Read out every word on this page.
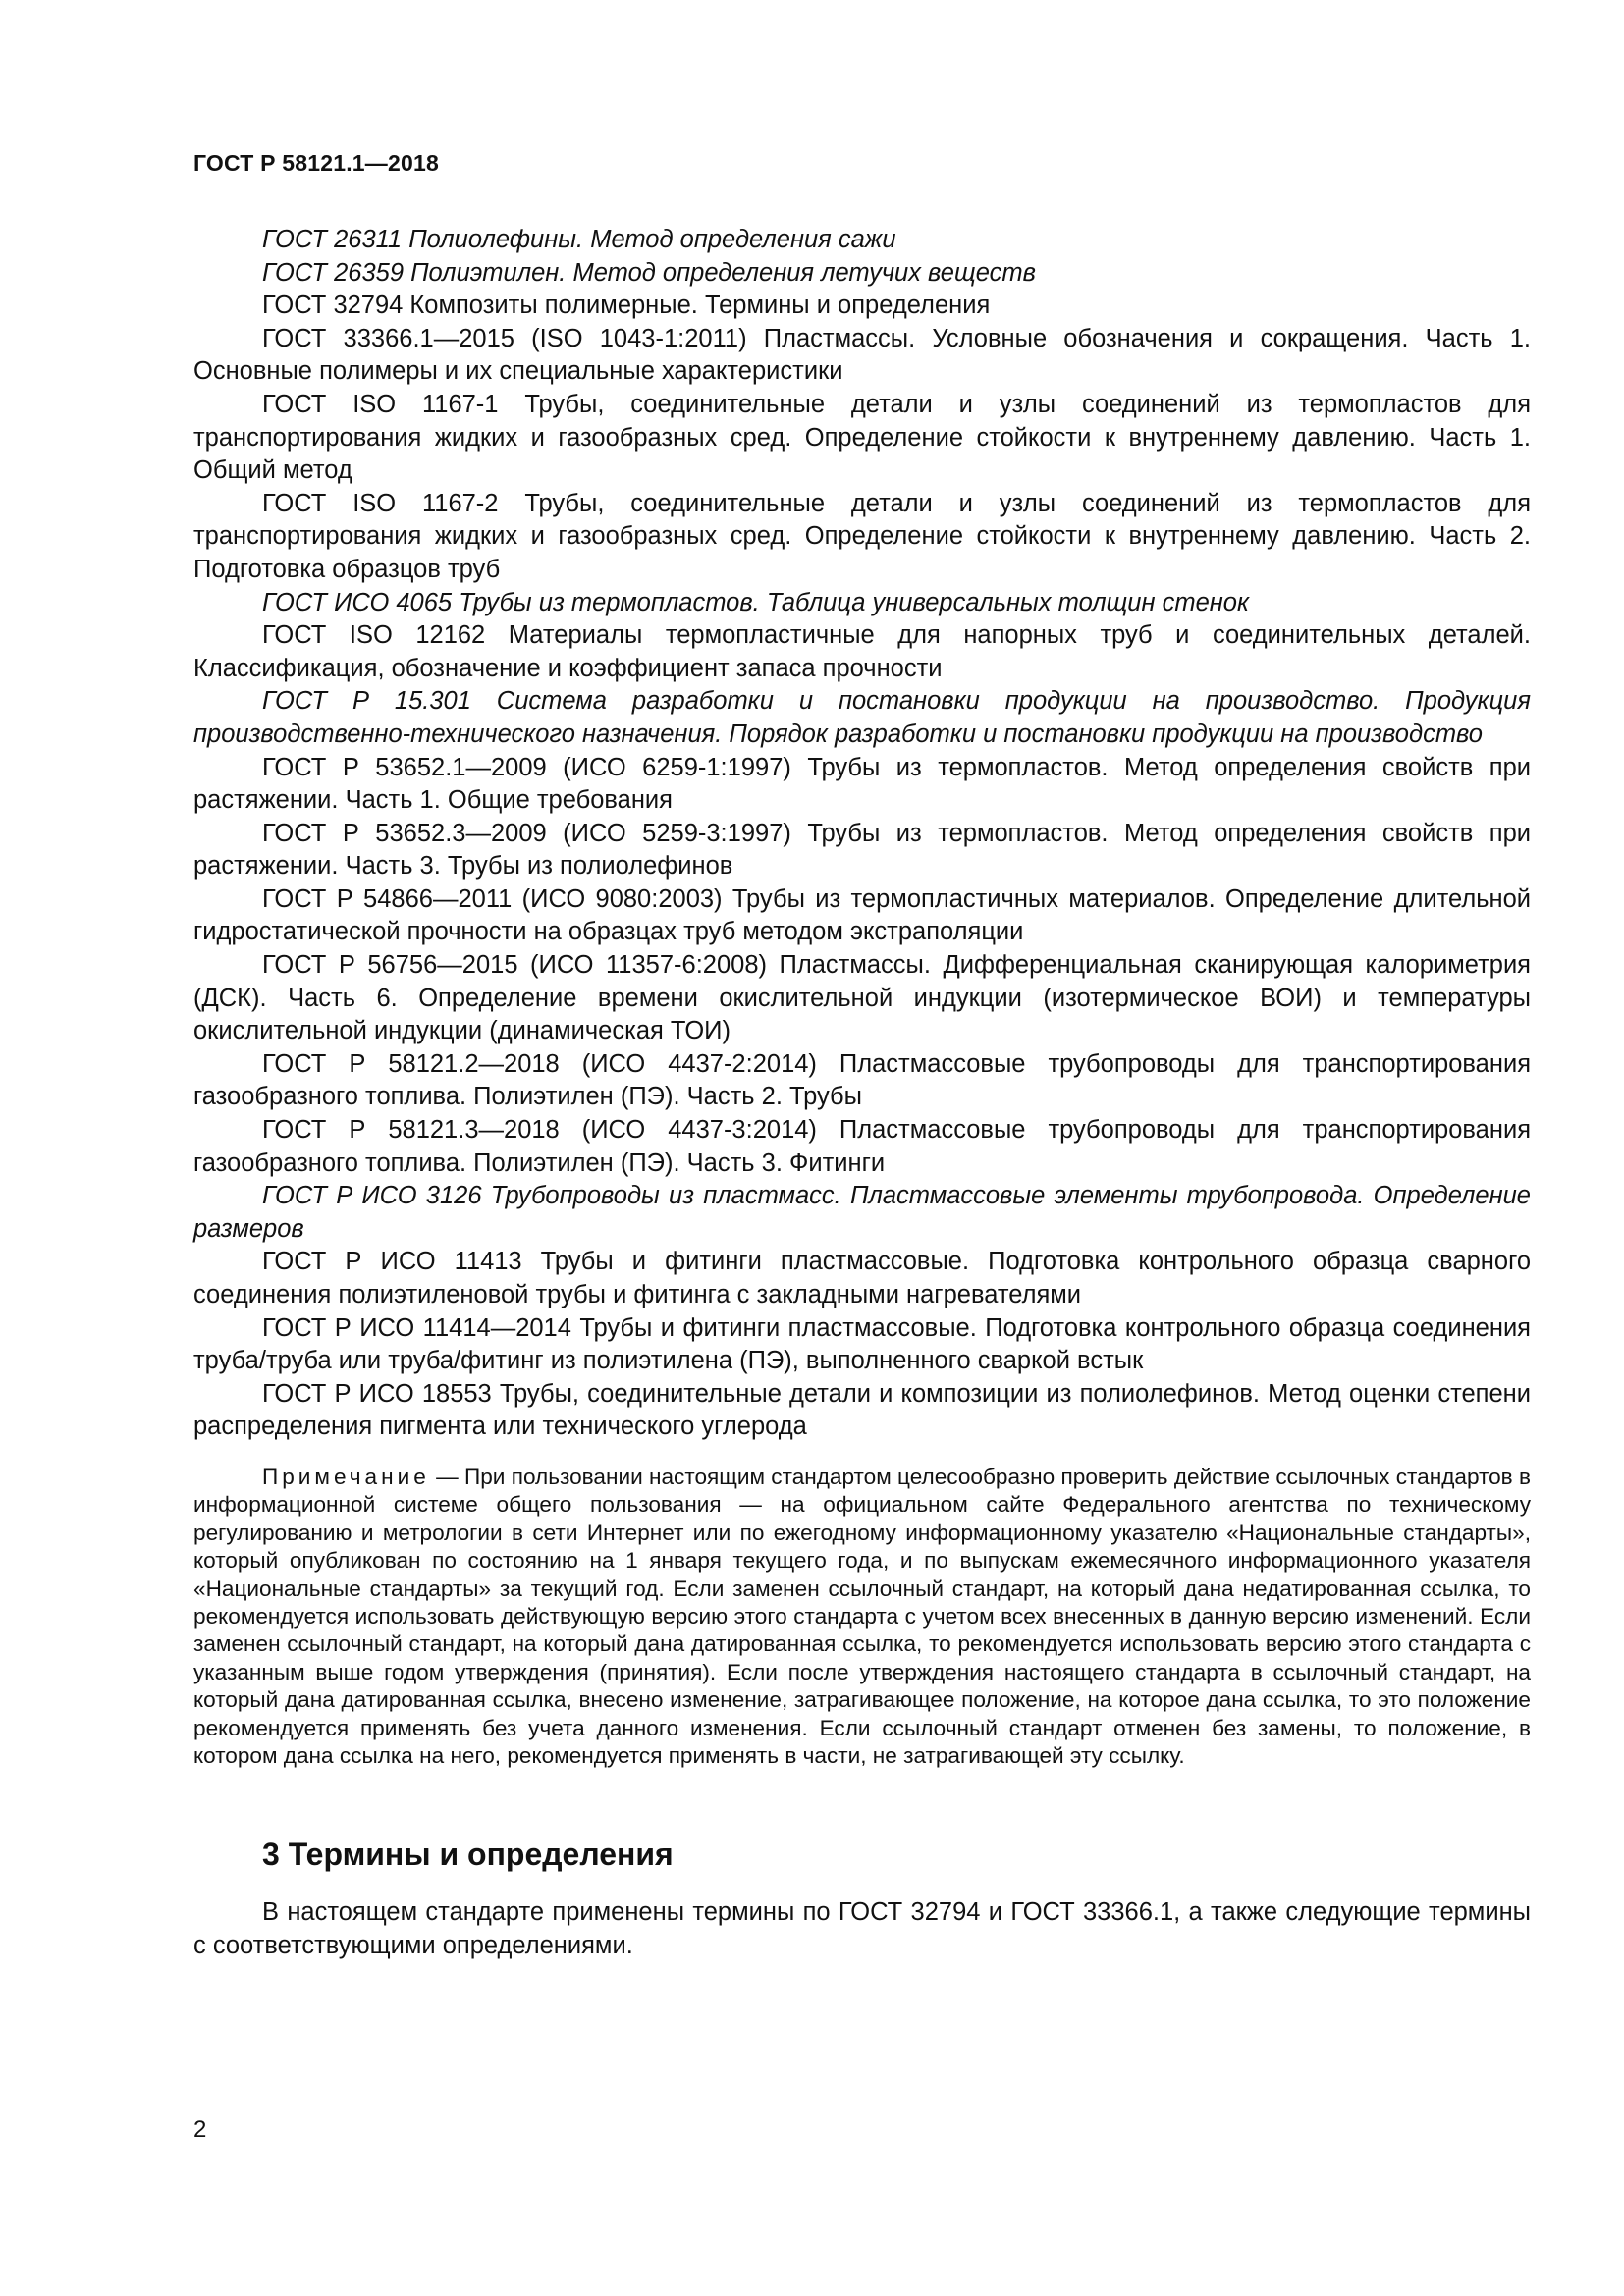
ГОСТ Р 58121.1—2018

ГОСТ 26311 Полиолефины. Метод определения сажи

ГОСТ 26359 Полиэтилен. Метод определения летучих веществ

ГОСТ 32794 Композиты полимерные. Термины и определения

ГОСТ 33366.1—2015 (ISO 1043-1:2011) Пластмассы. Условные обозначения и сокращения. Часть 1. Основные полимеры и их специальные характеристики

ГОСТ ISO 1167-1 Трубы, соединительные детали и узлы соединений из термопластов для транспортирования жидких и газообразных сред. Определение стойкости к внутреннему давлению. Часть 1. Общий метод

ГОСТ ISO 1167-2 Трубы, соединительные детали и узлы соединений из термопластов для транспортирования жидких и газообразных сред. Определение стойкости к внутреннему давлению. Часть 2. Подготовка образцов труб

ГОСТ ИСО 4065 Трубы из термопластов. Таблица универсальных толщин стенок

ГОСТ ISO 12162 Материалы термопластичные для напорных труб и соединительных деталей. Классификация, обозначение и коэффициент запаса прочности

ГОСТ Р 15.301 Система разработки и постановки продукции на производство. Продукция производственно-технического назначения. Порядок разработки и постановки продукции на производство

ГОСТ Р 53652.1—2009 (ИСО 6259-1:1997) Трубы из термопластов. Метод определения свойств при растяжении. Часть 1. Общие требования

ГОСТ Р 53652.3—2009 (ИСО 5259-3:1997) Трубы из термопластов. Метод определения свойств при растяжении. Часть 3. Трубы из полиолефинов

ГОСТ Р 54866—2011 (ИСО 9080:2003) Трубы из термопластичных материалов. Определение длительной гидростатической прочности на образцах труб методом экстраполяции

ГОСТ Р 56756—2015 (ИСО 11357-6:2008) Пластмассы. Дифференциальная сканирующая калориметрия (ДСК). Часть 6. Определение времени окислительной индукции (изотермическое ВОИ) и температуры окислительной индукции (динамическая ТОИ)

ГОСТ Р 58121.2—2018 (ИСО 4437-2:2014) Пластмассовые трубопроводы для транспортирования газообразного топлива. Полиэтилен (ПЭ). Часть 2. Трубы

ГОСТ Р 58121.3—2018 (ИСО 4437-3:2014) Пластмассовые трубопроводы для транспортирования газообразного топлива. Полиэтилен (ПЭ). Часть 3. Фитинги

ГОСТ Р ИСО 3126 Трубопроводы из пластмасс. Пластмассовые элементы трубопровода. Определение размеров

ГОСТ Р ИСО 11413 Трубы и фитинги пластмассовые. Подготовка контрольного образца сварного соединения полиэтиленовой трубы и фитинга с закладными нагревателями

ГОСТ Р ИСО 11414—2014 Трубы и фитинги пластмассовые. Подготовка контрольного образца соединения труба/труба или труба/фитинг из полиэтилена (ПЭ), выполненного сваркой встык

ГОСТ Р ИСО 18553 Трубы, соединительные детали и композиции из полиолефинов. Метод оценки степени распределения пигмента или технического углерода

Примечание — При пользовании настоящим стандартом целесообразно проверить действие ссылочных стандартов в информационной системе общего пользования — на официальном сайте Федерального агентства по техническому регулированию и метрологии в сети Интернет или по ежегодному информационному указателю «Национальные стандарты», который опубликован по состоянию на 1 января текущего года, и по выпускам ежемесячного информационного указателя «Национальные стандарты» за текущий год. Если заменен ссылочный стандарт, на который дана недатированная ссылка, то рекомендуется использовать действующую версию этого стандарта с учетом всех внесенных в данную версию изменений. Если заменен ссылочный стандарт, на который дана датированная ссылка, то рекомендуется использовать версию этого стандарта с указанным выше годом утверждения (принятия). Если после утверждения настоящего стандарта в ссылочный стандарт, на который дана датированная ссылка, внесено изменение, затрагивающее положение, на которое дана ссылка, то это положение рекомендуется применять без учета данного изменения. Если ссылочный стандарт отменен без замены, то положение, в котором дана ссылка на него, рекомендуется применять в части, не затрагивающей эту ссылку.

3 Термины и определения

В настоящем стандарте применены термины по ГОСТ 32794 и ГОСТ 33366.1, а также следующие термины с соответствующими определениями.

2
